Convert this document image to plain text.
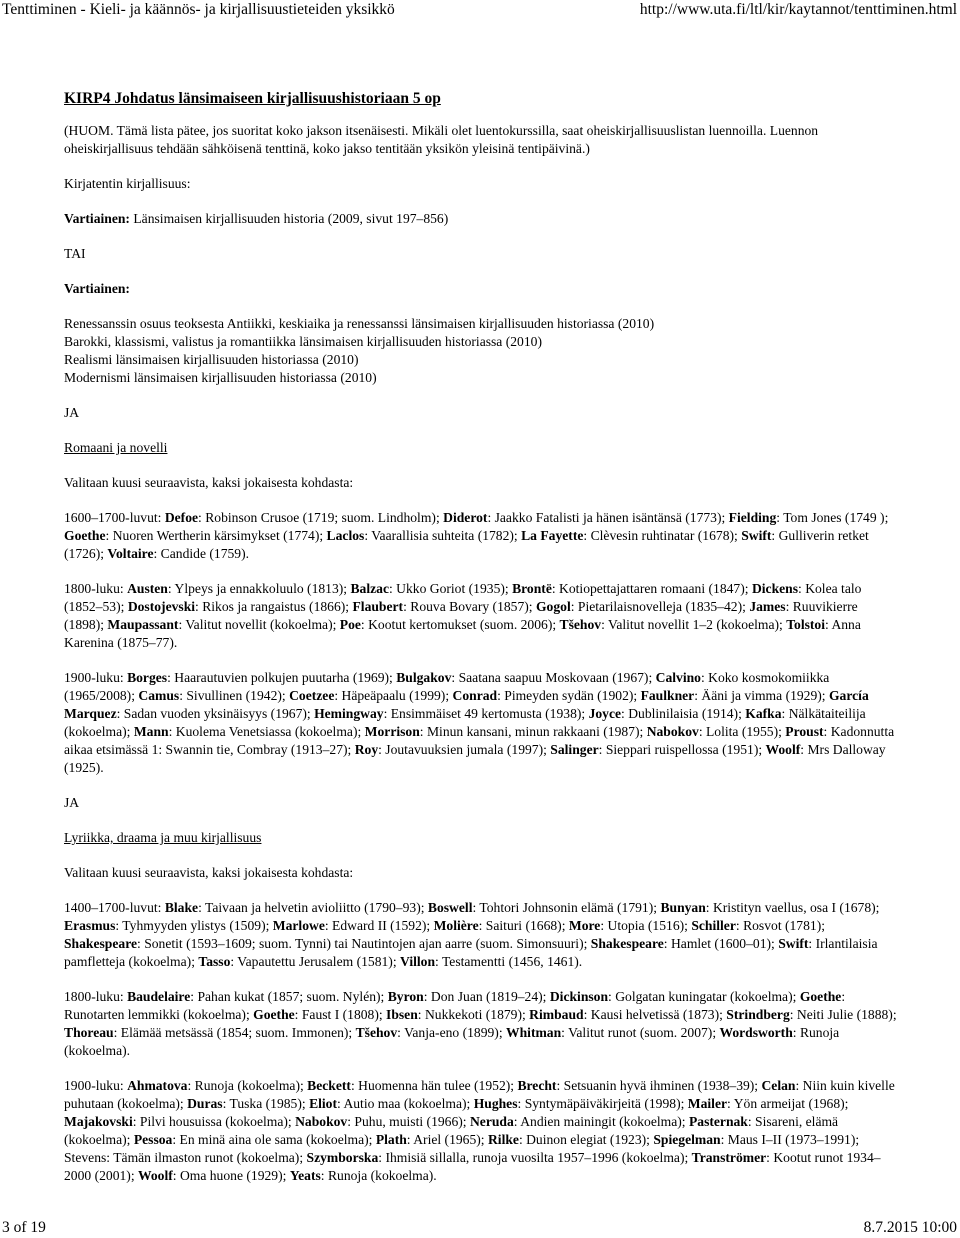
Tenttiminen - Kieli- ja käännös- ja kirjallisuustieteiden yksikkö	http://www.uta.fi/ltl/kir/kaytannot/tenttiminen.html
KIRP4 Johdatus länsimaiseen kirjallisuushistoriaan 5 op

(HUOM. Tämä lista pätee, jos suoritat koko jakson itsenäisesti. Mikäli olet luentokurssilla, saat oheiskirjallisuuslistan luennoilla. Luennon oheiskirjallisuus tehdään sähköisenä tenttinä, koko jakso tentitään yksikön yleisinä tentipäivinä.)

Kirjatentin kirjallisuus:

Vartiainen: Länsimaisen kirjallisuuden historia (2009, sivut 197–856)

TAI

Vartiainen:

Renessanssin osuus teoksesta Antiikki, keskiaika ja renessanssi länsimaisen kirjallisuuden historiassa (2010)
Barokki, klassismi, valistus ja romantiikka länsimaisen kirjallisuuden historiassa (2010)
Realismi länsimaisen kirjallisuuden historiassa (2010)
Modernismi länsimaisen kirjallisuuden historiassa (2010)

JA

Romaani ja novelli

Valitaan kuusi seuraavista, kaksi jokaisesta kohdasta:

1600–1700-luvut: Defoe: Robinson Crusoe (1719; suom. Lindholm); Diderot: Jaakko Fatalisti ja hänen isäntänsä (1773); Fielding: Tom Jones (1749 ); Goethe: Nuoren Wertherin kärsimykset (1774); Laclos: Vaarallisia suhteita (1782); La Fayette: Clèvesin ruhtinatar (1678); Swift: Gulliverin retket (1726); Voltaire: Candide (1759).

1800-luku: Austen: Ylpeys ja ennakkoluulo (1813); Balzac: Ukko Goriot (1935); Brontë: Kotiopettajattaren romaani (1847); Dickens: Kolea talo (1852–53); Dostojevski: Rikos ja rangaistus (1866); Flaubert: Rouva Bovary (1857); Gogol: Pietarilaisnovelleja (1835–42); James: Ruuvikierre (1898); Maupassant: Valitut novellit (kokoelma); Poe: Kootut kertomukset (suom. 2006); Tšehov: Valitut novellit 1–2 (kokoelma); Tolstoi: Anna Karenina (1875–77).

1900-luku: Borges: Haarautuvien polkujen puutarha (1969); Bulgakov: Saatana saapuu Moskovaan (1967); Calvino: Koko kosmokomiikka (1965/2008); Camus: Sivullinen (1942); Coetzee: Häpeäpaalu (1999); Conrad: Pimeyden sydän (1902); Faulkner: Ääni ja vimma (1929); García Marquez: Sadan vuoden yksinäisyys (1967); Hemingway: Ensimmäiset 49 kertomusta (1938); Joyce: Dublinilaisia (1914); Kafka: Nälkätaiteilija (kokoelma); Mann: Kuolema Venetsiassa (kokoelma); Morrison: Minun kansani, minun rakkaani (1987); Nabokov: Lolita (1955); Proust: Kadonnutta aikaa etsimässä 1: Swannin tie, Combray (1913–27); Roy: Joutavuuksien jumala (1997); Salinger: Sieppari ruispellossa (1951); Woolf: Mrs Dalloway (1925).

JA

Lyriikka, draama ja muu kirjallisuus

Valitaan kuusi seuraavista, kaksi jokaisesta kohdasta:

1400–1700-luvut: Blake: Taivaan ja helvetin avioliitto (1790–93); Boswell: Tohtori Johnsonin elämä (1791); Bunyan: Kristityn vaellus, osa I (1678); Erasmus: Tyhmyyden ylistys (1509); Marlowe: Edward II (1592); Molière: Saituri (1668); More: Utopia (1516); Schiller: Rosvot (1781); Shakespeare: Sonetit (1593–1609; suom. Tynni) tai Nautintojen ajan aarre (suom. Simonsuuri); Shakespeare: Hamlet (1600–01); Swift: Irlantilaisia pamfletteja (kokoelma); Tasso: Vapautettu Jerusalem (1581); Villon: Testamentti (1456, 1461).

1800-luku: Baudelaire: Pahan kukat (1857; suom. Nylén); Byron: Don Juan (1819–24); Dickinson: Golgatan kuningatar (kokoelma); Goethe: Runotarten lemmikki (kokoelma); Goethe: Faust I (1808); Ibsen: Nukkekoti (1879); Rimbaud: Kausi helvetissä (1873); Strindberg: Neiti Julie (1888); Thoreau: Elämää metsässä (1854; suom. Immonen); Tšehov: Vanja-eno (1899); Whitman: Valitut runot (suom. 2007); Wordsworth: Runoja (kokoelma).

1900-luku: Ahmatova: Runoja (kokoelma); Beckett: Huomenna hän tulee (1952); Brecht: Setsuanin hyvä ihminen (1938–39); Celan: Niin kuin kivelle puhutaan (kokoelma); Duras: Tuska (1985); Eliot: Autio maa (kokoelma); Hughes: Syntymäpäiväkirjeitä (1998); Mailer: Yön armeijat (1968); Majakovski: Pilvi housuissa (kokoelma); Nabokov: Puhu, muisti (1966); Neruda: Andien mainingit (kokoelma); Pasternak: Sisareni, elämä (kokoelma); Pessoa: En minä aina ole sama (kokoelma); Plath: Ariel (1965); Rilke: Duinon elegiat (1923); Spiegelman: Maus I–II (1973–1991); Stevens: Tämän ilmaston runot (kokoelma); Szymborska: Ihmisiä sillalla, runoja vuosilta 1957–1996 (kokoelma); Tranströmer: Kootut runot 1934–2000 (2001); Woolf: Oma huone (1929); Yeats: Runoja (kokoelma).

3 of 19	8.7.2015 10:00
